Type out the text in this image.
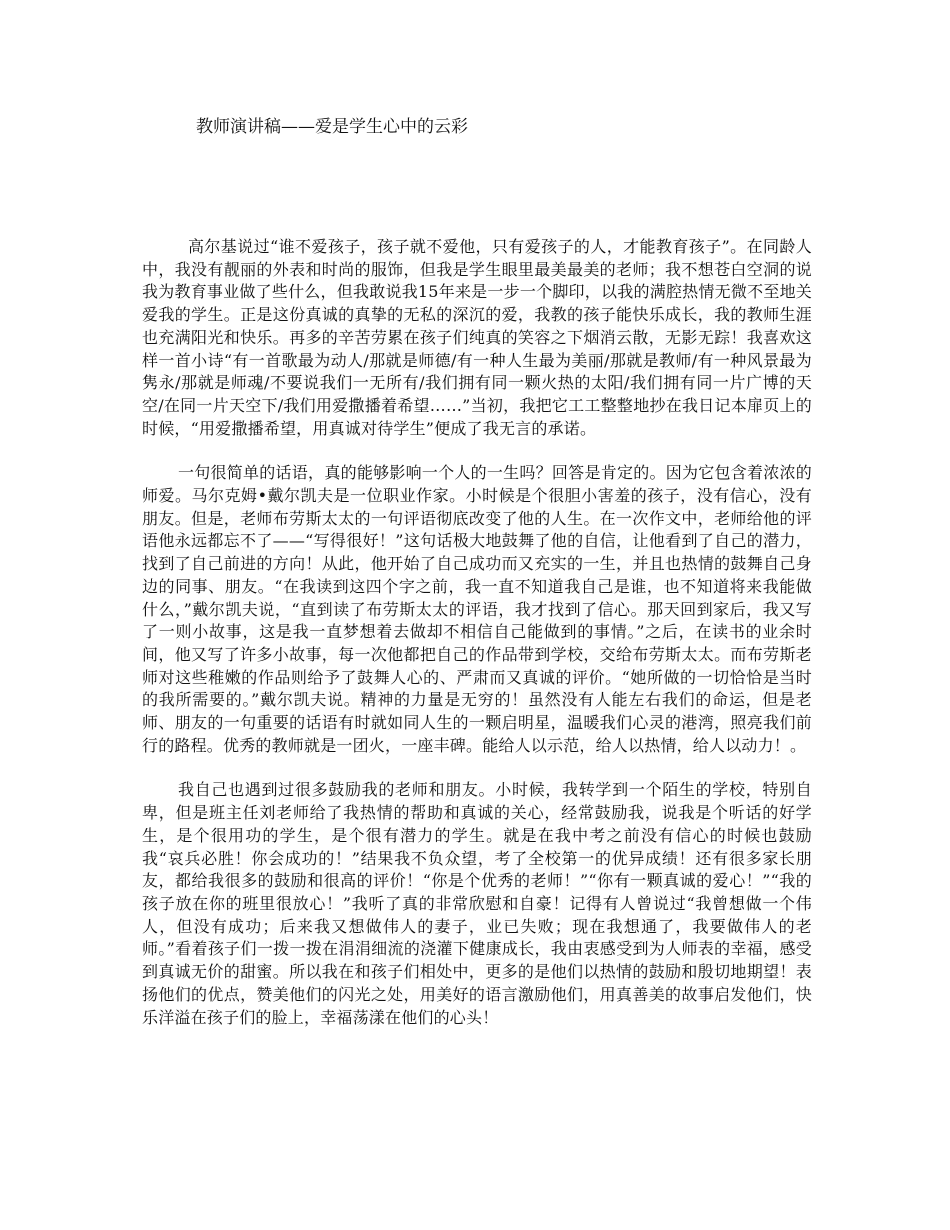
教师演讲稿——爱是学生心中的云彩

高尔基说过“谁不爱孩子，孩子就不爱他，只有爱孩子的人，才能教育孩子”。在同龄人中，我没有靓丽的外表和时尚的服饰，但我是学生眼里最美最美的老师；我不想苍白空洞的说我为教育事业做了些什么，但我敢说我15年来是一步一个脚印，以我的满腔热情无微不至地关爱我的学生。正是这份真诚的真挚的无私的深沉的爱，我教的孩子能快乐成长，我的教师生涯也充满阳光和快乐。再多的辛苦劳累在孩子们纯真的笑容之下烟消云散，无影无踪！我喜欢这样一首小诗“有一首歌最为动人/那就是师德/有一种人生最为美丽/那就是教师/有一种风景最为隽永/那就是师魂/不要说我们一无所有/我们拥有同一颗火热的太阳/我们拥有同一片广博的天空/在同一片天空下/我们用爱撒播着希望……”当初，我把它工工整整地抄在我日记本扉页上的时候，“用爱撒播希望，用真诚对待学生”便成了我无言的承诺。

一句很简单的话语，真的能够影响一个人的一生吗？回答是肯定的。因为它包含着浓浓的师爱。马尔克姆•戴尔凯夫是一位职业作家。小时候是个很胆小害羞的孩子，没有信心，没有朋友。但是，老师布劳斯太太的一句评语彻底改变了他的人生。在一次作文中，老师给他的评语他永远都忘不了——“写得很好！”这句话极大地鼓舞了他的自信，让他看到了自己的潜力，找到了自己前进的方向！从此，他开始了自己成功而又充实的一生，并且也热情的鼓舞自己身边的同事、朋友。“在我读到这四个字之前，我一直不知道我自己是谁，也不知道将来我能做什么，”戴尔凯夫说，“直到读了布劳斯太太的评语，我才找到了信心。那天回到家后，我又写了一则小故事，这是我一直梦想着去做却不相信自己能做到的事情。”之后，在读书的业余时间，他又写了许多小故事，每一次他都把自己的作品带到学校，交给布劳斯太太。而布劳斯老师对这些稚嫩的作品则给予了鼓舞人心的、严肃而又真诚的评价。“她所做的一切恰恰是当时的我所需要的。”戴尔凯夫说。精神的力量是无穷的！虽然没有人能左右我们的命运，但是老师、朋友的一句重要的话语有时就如同人生的一颗启明星，温暖我们心灵的港湾，照亮我们前行的路程。优秀的教师就是一团火，一座丰碑。能给人以示范，给人以热情，给人以动力！。

我自己也遇到过很多鼓励我的老师和朋友。小时候，我转学到一个陌生的学校，特别自卑，但是班主任刘老师给了我热情的帮助和真诚的关心，经常鼓励我，说我是个听话的好学生，是个很用功的学生，是个很有潜力的学生。就是在我中考之前没有信心的时候也鼓励我“哀兵必胜！你会成功的！”结果我不负众望，考了全校第一的优异成绩！还有很多家长朋友，都给我很多的鼓励和很高的评价！“你是个优秀的老师！”“你有一颗真诚的爱心！”“我的孩子放在你的班里很放心！”我听了真的非常欣慰和自豪！记得有人曾说过“我曾想做一个伟人，但没有成功；后来我又想做伟人的妻子，业已失败；现在我想通了，我要做伟人的老师。”看着孩子们一拨一拨在涓涓细流的浇灌下健康成长，我由衷感受到为人师表的幸福，感受到真诚无价的甜蜜。所以我在和孩子们相处中，更多的是他们以热情的鼓励和殷切地期望！表扬他们的优点，赞美他们的闪光之处，用美好的语言激励他们，用真善美的故事启发他们，快乐洋溢在孩子们的脸上，幸福荡漾在他们的心头！
